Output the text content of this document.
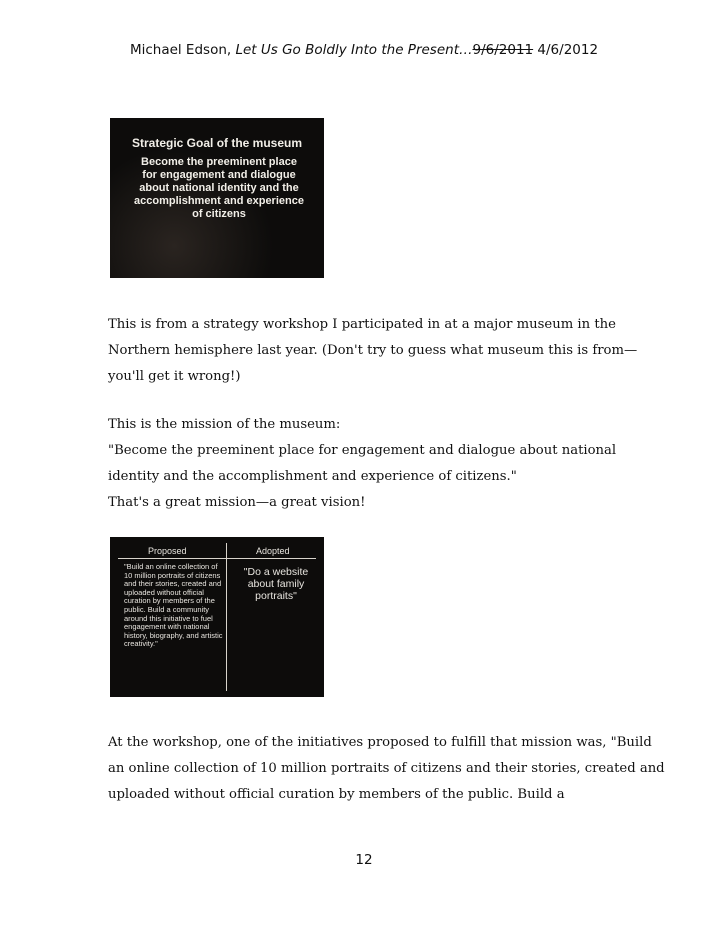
Michael Edson, Let Us Go Boldly Into the Present…9/6/2011 4/6/2012
Strategic Goal of the museum
Become the preeminent place for engagement and dialogue about national identity and the accomplishment and experience of citizens
This is from a strategy workshop I participated in at a major museum in the Northern hemisphere last year. (Don't try to guess what museum this is from—you'll get it wrong!)
This is the mission of the museum:
"Become the preeminent place for engagement and dialogue about national identity and the accomplishment and experience of citizens."
That's a great mission—a great vision!
Proposed	Adopted
"Build an online collection of 10 million portraits of citizens and their stories, created and uploaded without official curation by members of the public. Build a community around this initiative to fuel engagement with national history, biography, and artistic creativity."
"Do a website about family portraits"
At the workshop, one of the initiatives proposed to fulfill that mission was, "Build an online collection of 10 million portraits of citizens and their stories, created and uploaded without official curation by members of the public. Build a
12
